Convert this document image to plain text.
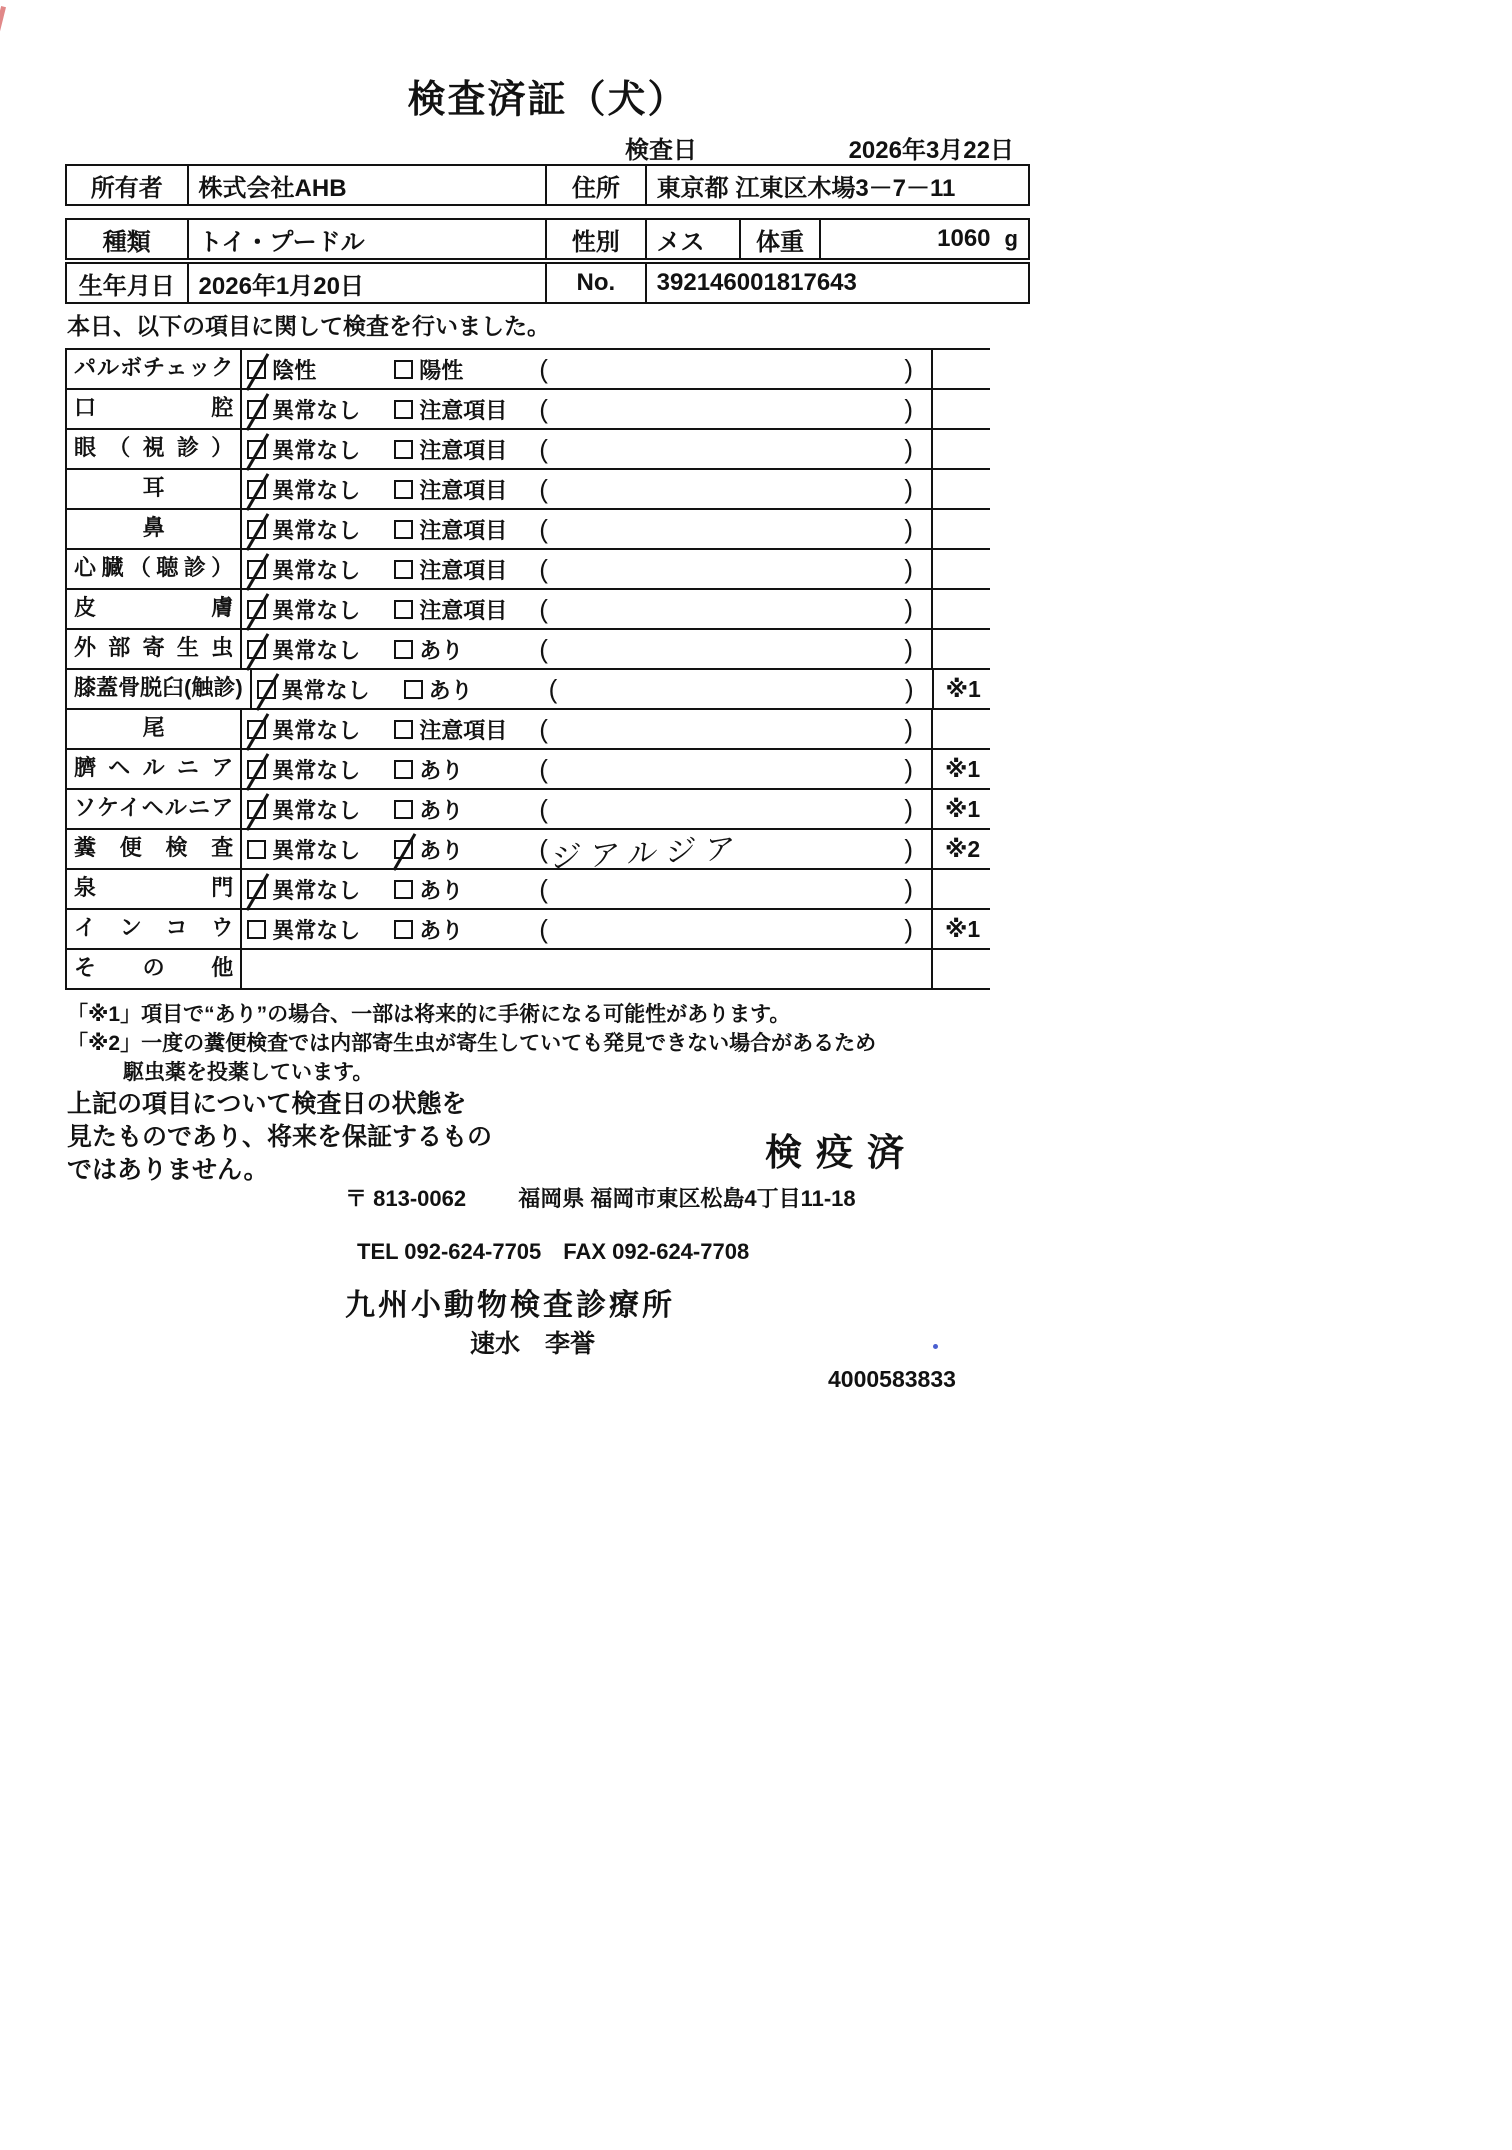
検査済証（犬）
検査日	2026年3月22日
所有者	株式会社AHB	住所	東京都 江東区木場3－7－11
種類	トイ・プードル	性別	メス	体重	1060 g
生年月日 2026年1月20日	No.	392146001817643
本日、以下の項目に関して検査を行いました。
パルボチェック	陰性	陽性	(	)
口腔	異常なし	注意項目 (	)
眼（視診）	異常なし	注意項目 (	)
耳	異常なし	注意項目 (	)
鼻	異常なし	注意項目 (	)
心臓（聴診）	異常なし	注意項目 (	)
皮膚	異常なし	注意項目 (	)
外部寄生虫	異常なし	あり	(	)
膝蓋骨脱臼(触診)	異常なし	あり	(	)	※1
尾	異常なし	注意項目 (	)
臍ヘルニア	異常なし	あり	(	)	※1
ソケイヘルニア	異常なし	あり	(	)	※1
糞便検査	異常なし	あり	( ジアルジア	)	※2
泉門	異常なし	あり	(	)
インコウ	異常なし	あり	(	)	※1
その他
「※1」項目で“あり”の場合、一部は将来的に手術になる可能性があります。
「※2」一度の糞便検査では内部寄生虫が寄生していても発見できない場合があるため
駆虫薬を投薬しています。
上記の項目について検査日の状態を
見たものであり、将来を保証するもの
ではありません。	検疫済
〒 813-0062 福岡県 福岡市東区松島4丁目11-18
TEL 092-624-7705　FAX 092-624-7708
九州小動物検査診療所
速水　李誉
4000583833
